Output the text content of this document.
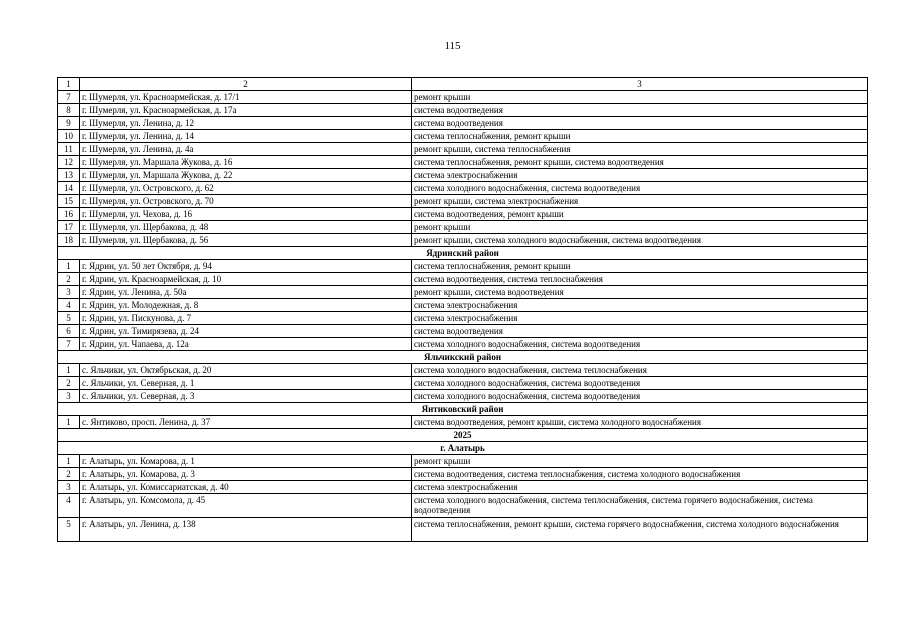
115
1	2	3
7	г. Шумерля, ул. Красноармейская, д. 17/1	ремонт крыши
8	г. Шумерля, ул. Красноармейская, д. 17а	система водоотведения
9	г. Шумерля, ул. Ленина, д. 12	система водоотведения
10	г. Шумерля, ул. Ленина, д. 14	система теплоснабжения, ремонт крыши
11	г. Шумерля, ул. Ленина, д. 4а	ремонт крыши, система теплоснабжения
12	г. Шумерля, ул. Маршала Жукова, д. 16	система теплоснабжения, ремонт крыши, система водоотведения
13	г. Шумерля, ул. Маршала Жукова, д. 22	система электроснабжения
14	г. Шумерля, ул. Островского, д. 62	система холодного водоснабжения, система водоотведения
15	г. Шумерля, ул. Островского, д. 70	ремонт крыши, система электроснабжения
16	г. Шумерля, ул. Чехова, д. 16	система водоотведения, ремонт крыши
17	г. Шумерля, ул. Щербакова, д. 48	ремонт крыши
18	г. Шумерля, ул. Щербакова, д. 56	ремонт крыши, система холодного водоснабжения, система водоотведения
Ядринский район		
1	г. Ядрин, ул. 50 лет Октября, д. 94	система теплоснабжения, ремонт крыши
2	г. Ядрин, ул. Красноармейская, д. 10	система водоотведения, система теплоснабжения
3	г. Ядрин, ул. Ленина, д. 50а	ремонт крыши, система водоотведения
4	г. Ядрин, ул. Молодежная, д. 8	система электроснабжения
5	г. Ядрин, ул. Пискунова, д. 7	система электроснабжения
6	г. Ядрин, ул. Тимирязева, д. 24	система водоотведения
7	г. Ядрин, ул. Чапаева, д. 12а	система холодного водоснабжения, система водоотведения
Яльчикский район		
1	с. Яльчики, ул. Октябрьская, д. 20	система холодного водоснабжения, система теплоснабжения
2	с. Яльчики, ул. Северная, д. 1	система холодного водоснабжения, система водоотведения
3	с. Яльчики, ул. Северная, д. 3	система холодного водоснабжения, система водоотведения
Янтиковский район		
1	с. Янтиково, просп. Ленина, д. 37	система водоотведения, ремонт крыши, система холодного водоснабжения
2025		
г. Алатырь		
1	г. Алатырь, ул. Комарова, д. 1	ремонт крыши
2	г. Алатырь, ул. Комарова, д. 3	система водоотведения, система теплоснабжения, система холодного водоснабжения
3	г. Алатырь, ул. Комиссариатская, д. 40	система электроснабжения
4	г. Алатырь, ул. Комсомола, д. 45	система холодного водоснабжения, система теплоснабжения, система горячего водоснабжения, система водоотведения
5	г. Алатырь, ул. Ленина, д. 138	система теплоснабжения, ремонт крыши, система горячего водоснабжения, система холодного водоснабжения
